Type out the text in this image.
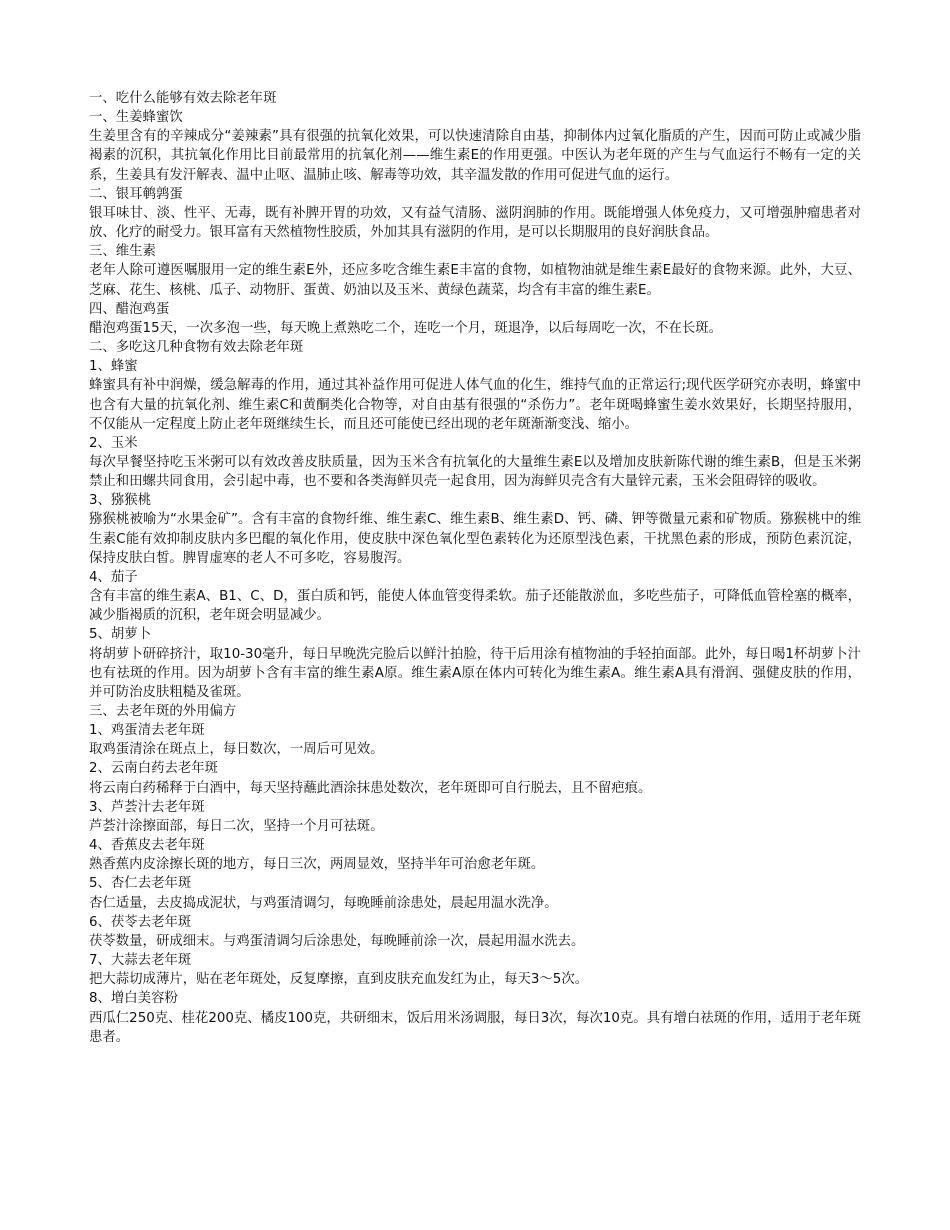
一、吃什么能够有效去除老年斑

一、生姜蜂蜜饮

生姜里含有的辛辣成分“姜辣素”具有很强的抗氧化效果，可以快速清除自由基，抑制体内过氧化脂质的产生，因而可防止或减少脂褐素的沉积，其抗氧化作用比目前最常用的抗氧化剂——维生素E的作用更强。中医认为老年斑的产生与气血运行不畅有一定的关系，生姜具有发汗解表、温中止呕、温肺止咳、解毒等功效，其辛温发散的作用可促进气血的运行。

二、银耳鹌鹑蛋

银耳味甘、淡、性平、无毒，既有补脾开胃的功效，又有益气清肠、滋阴润肺的作用。既能增强人体免疫力，又可增强肿瘤患者对放、化疗的耐受力。银耳富有天然植物性胶质，外加其具有滋阴的作用，是可以长期服用的良好润肤食品。

三、维生素

老年人除可遵医嘱服用一定的维生素E外，还应多吃含维生素E丰富的食物，如植物油就是维生素E最好的食物来源。此外，大豆、芝麻、花生、核桃、瓜子、动物肝、蛋黄、奶油以及玉米、黄绿色蔬菜，均含有丰富的维生素E。

四、醋泡鸡蛋

醋泡鸡蛋15天，一次多泡一些，每天晚上煮熟吃二个，连吃一个月，斑退净，以后每周吃一次，不在长斑。

二、多吃这几种食物有效去除老年斑

1、蜂蜜

蜂蜜具有补中润燥，缓急解毒的作用，通过其补益作用可促进人体气血的化生，维持气血的正常运行;现代医学研究亦表明，蜂蜜中也含有大量的抗氧化剂、维生素C和黄酮类化合物等，对自由基有很强的“杀伤力”。老年斑喝蜂蜜生姜水效果好，长期坚持服用，不仅能从一定程度上防止老年斑继续生长，而且还可能使已经出现的老年斑渐渐变浅、缩小。

2、玉米

每次早餐坚持吃玉米粥可以有效改善皮肤质量，因为玉米含有抗氧化的大量维生素E以及增加皮肤新陈代谢的维生素B，但是玉米粥禁止和田螺共同食用，会引起中毒，也不要和各类海鲜贝壳一起食用，因为海鲜贝壳含有大量锌元素，玉米会阻碍锌的吸收。

3、猕猴桃

猕猴桃被喻为“水果金矿”。含有丰富的食物纤维、维生素C、维生素B、维生素D、钙、磷、钾等微量元素和矿物质。猕猴桃中的维生素C能有效抑制皮肤内多巴醌的氧化作用，使皮肤中深色氧化型色素转化为还原型浅色素，干扰黑色素的形成，预防色素沉淀，保持皮肤白皙。脾胃虚寒的老人不可多吃，容易腹泻。

4、茄子

含有丰富的维生素A、B1、C、D，蛋白质和钙，能使人体血管变得柔软。茄子还能散淤血，多吃些茄子，可降低血管栓塞的概率，减少脂褐质的沉积，老年斑会明显减少。

5、胡萝卜

将胡萝卜研碎挤汁，取10-30毫升，每日早晚洗完脸后以鲜汁拍脸，待干后用涂有植物油的手轻拍面部。此外，每日喝1杯胡萝卜汁也有祛斑的作用。因为胡萝卜含有丰富的维生素A原。维生素A原在体内可转化为维生素A。维生素A具有滑润、强健皮肤的作用，并可防治皮肤粗糙及雀斑。

三、去老年斑的外用偏方

1、鸡蛋清去老年斑

取鸡蛋清涂在斑点上，每日数次，一周后可见效。

2、云南白药去老年斑

将云南白药稀释于白酒中，每天坚持蘸此酒涂抹患处数次，老年斑即可自行脱去，且不留疤痕。

3、芦荟汁去老年斑

芦荟汁涂擦面部，每日二次，坚持一个月可祛斑。

4、香蕉皮去老年斑

熟香蕉内皮涂擦长斑的地方，每日三次，两周显效，坚持半年可治愈老年斑。

5、杏仁去老年斑

杏仁适量，去皮捣成泥状，与鸡蛋清调匀，每晚睡前涂患处，晨起用温水洗净。

6、茯苓去老年斑

茯苓数量，研成细末。与鸡蛋清调匀后涂患处，每晚睡前涂一次，晨起用温水洗去。

7、大蒜去老年斑

把大蒜切成薄片，贴在老年斑处，反复摩擦，直到皮肤充血发红为止，每天3～5次。

8、增白美容粉

西瓜仁250克、桂花200克、橘皮100克，共研细末，饭后用米汤调服，每日3次，每次10克。具有增白祛斑的作用，适用于老年斑患者。
